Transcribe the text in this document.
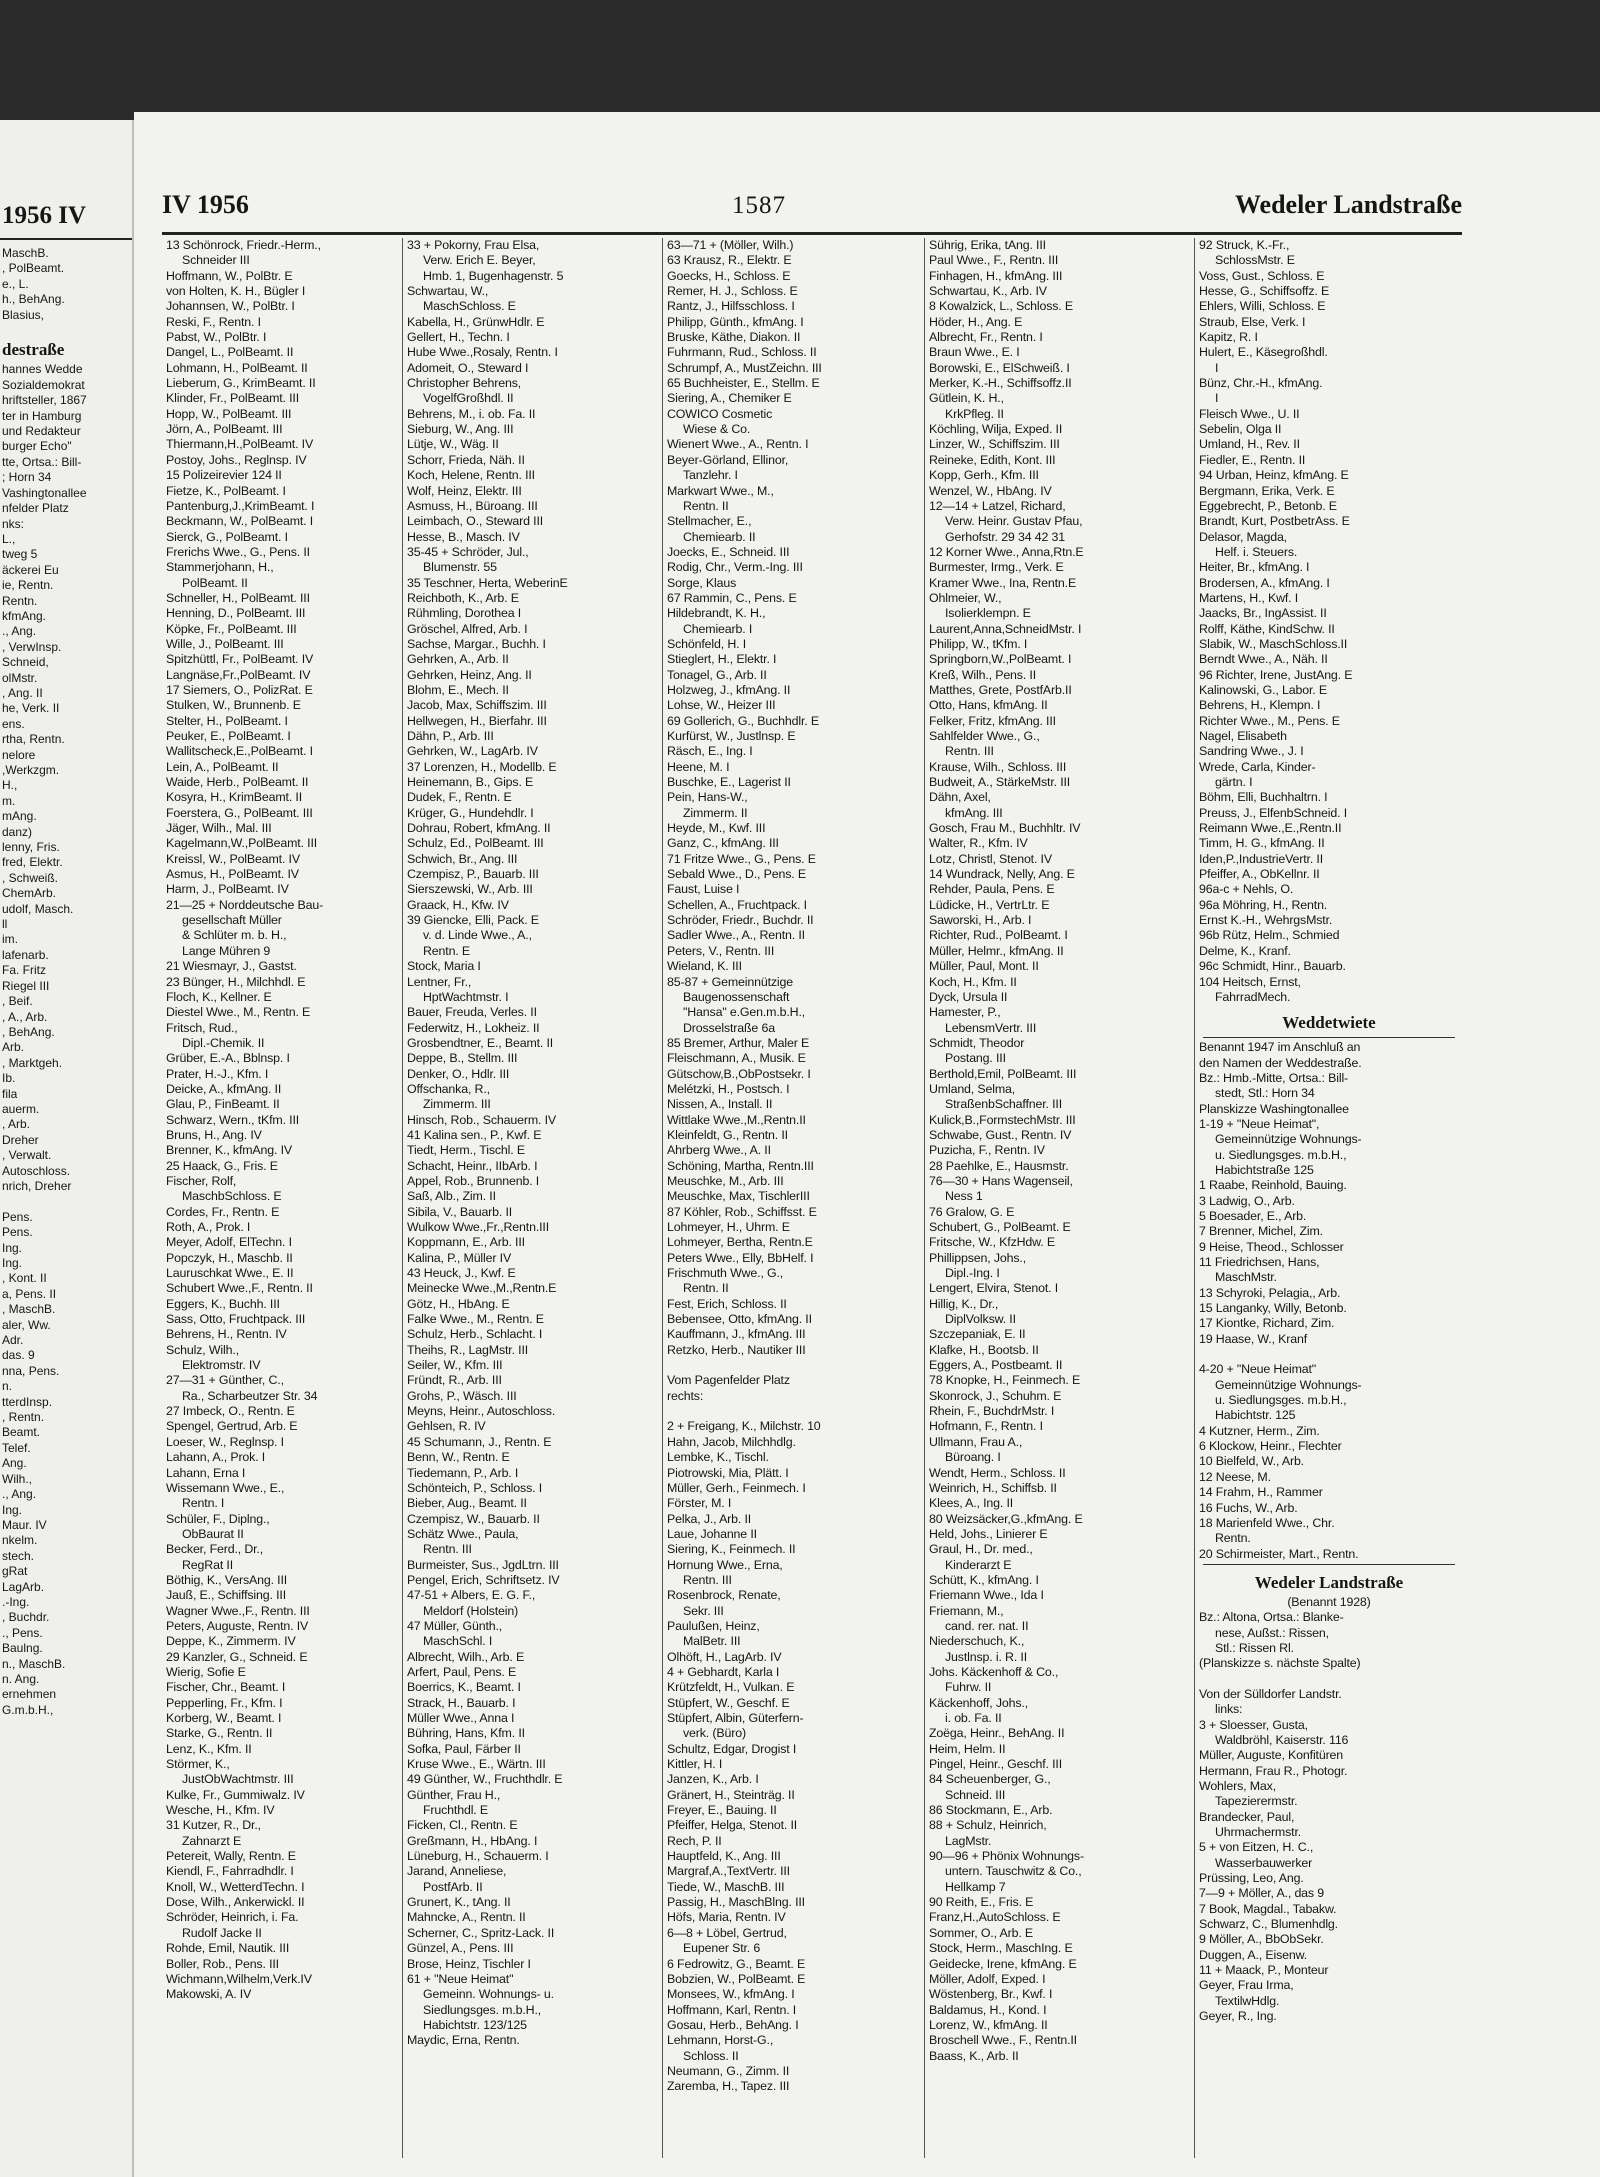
1956 IV
MaschB.
, PolBeamt.
e., L.
h., BehAng.
Blasius,

destraße
hannes Wedde
Sozialdemokrat
hriftsteller, 1867
ter in Hamburg
und Redakteur
burger Echo"
tte, Ortsa.: Bill-
; Horn 34
Vashingtonallee
nfelder Platz
nks:
L.,
tweg 5
äckerei Eu
ie, Rentn.
Rentn.
kfmAng.
., Ang.
, VerwInsp.
Schneid,
olMstr.
, Ang. II
he, Verk. II
ens.
rtha, Rentn.
nelore
,Werkzgm.
H.,
m.
mAng.
danz)
lenny, Fris.
fred, Elektr.
, Schweiß.
ChemArb.
udolf, Masch.
ll
im.
lafenarb.
Fa. Fritz
Riegel III
, Beif.
, A., Arb.
, BehAng.
Arb.
, Marktgeh.
Ib.
fila
auerm.
, Arb.
Dreher
, Verwalt.
Autoschloss.
nrich, Dreher

Pens.
Pens.
Ing.
Ing.
, Kont. II
a, Pens. II
, MaschB.
aler, Ww.
Adr.
das. 9
nna, Pens.
n.
tterdInsp.
, Rentn.
Beamt.
Telef.
Ang.
Wilh.,
., Ang.
Ing.
Maur. IV
nkelm.
stech.
gRat
LagArb.
.-Ing.
, Buchdr.
., Pens.
Baulng.
n., MaschB.
n. Ang.
ernehmen
G.m.b.H.,
IV 1956	1587	Wedeler Landstraße
13 Schönrock, Friedr.-Herm.,
Schneider III
Hoffmann, W., PolBtr. E
von Holten, K. H., Bügler I
Johannsen, W., PolBtr. I
Reski, F., Rentn. I
Pabst, W., PolBtr. I
Dangel, L., PolBeamt. II
Lohmann, H., PolBeamt. II
Lieberum, G., KrimBeamt. II
Klinder, Fr., PolBeamt. III
Hopp, W., PolBeamt. III
Jörn, A., PolBeamt. III
Thiermann,H.,PolBeamt. IV
Postoy, Johs., Reglnsp. IV
15 Polizeirevier 124 II
Fietze, K., PolBeamt. I
Pantenburg,J.,KrimBeamt. I
Beckmann, W., PolBeamt. I
Sierck, G., PolBeamt. I
Frerichs Wwe., G., Pens. II
Stammerjohann, H.,
PolBeamt. II
Schneller, H., PolBeamt. III
Henning, D., PolBeamt. III
Köpke, Fr., PolBeamt. III
Wille, J., PolBeamt. III
Spitzhüttl, Fr., PolBeamt. IV
Langnäse,Fr.,PolBeamt. IV
17 Siemers, O., PolizRat. E
Stulken, W., Brunnenb. E
Stelter, H., PolBeamt. I
Peuker, E., PolBeamt. I
Wallitscheck,E.,PolBeamt. I
Lein, A., PolBeamt. II
Waide, Herb., PolBeamt. II
Kosyra, H., KrimBeamt. II
Foerstera, G., PolBeamt. III
Jäger, Wilh., Mal. III
Kagelmann,W.,PolBeamt. III
Kreissl, W., PolBeamt. IV
Asmus, H., PolBeamt. IV
Harm, J., PolBeamt. IV
21—25 + Norddeutsche Bau-
gesellschaft Müller
& Schlüter m. b. H.,
Lange Mühren 9
21 Wiesmayr, J., Gastst.
23 Bünger, H., Milchhdl. E
Floch, K., Kellner. E
Diestel Wwe., M., Rentn. E
Fritsch, Rud.,
Dipl.-Chemik. II
Grüber, E.-A., Bblnsp. I
Prater, H.-J., Kfm. I
Deicke, A., kfmAng. II
Glau, P., FinBeamt. II
Schwarz, Wern., tKfm. III
Bruns, H., Ang. IV
Brenner, K., kfmAng. IV
25 Haack, G., Fris. E
Fischer, Rolf,
MaschbSchloss. E
Cordes, Fr., Rentn. E
Roth, A., Prok. I
Meyer, Adolf, ElTechn. I
Popczyk, H., Maschb. II
Lauruschkat Wwe., E. II
Schubert Wwe.,F., Rentn. II
Eggers, K., Buchh. III
Sass, Otto, Fruchtpack. III
Behrens, H., Rentn. IV
Schulz, Wilh.,
Elektromstr. IV
27—31 + Günther, C.,
Ra., Scharbeutzer Str. 34
27 Imbeck, O., Rentn. E
Spengel, Gertrud, Arb. E
Loeser, W., Reglnsp. I
Lahann, A., Prok. I
Lahann, Erna I
Wissemann Wwe., E.,
Rentn. I
Schüler, F., Diplng.,
ObBaurat II
Becker, Ferd., Dr.,
RegRat II
Böthig, K., VersAng. III
Jauß, E., Schiffsing. III
Wagner Wwe.,F., Rentn. III
Peters, Auguste, Rentn. IV
Deppe, K., Zimmerm. IV
29 Kanzler, G., Schneid. E
Wierig, Sofie E
Fischer, Chr., Beamt. I
Pepperling, Fr., Kfm. I
Korberg, W., Beamt. I
Starke, G., Rentn. II
Lenz, K., Kfm. II
Störmer, K.,
JustObWachtmstr. III
Kulke, Fr., Gummiwalz. IV
Wesche, H., Kfm. IV
31 Kutzer, R., Dr.,
Zahnarzt E
Petereit, Wally, Rentn. E
Kiendl, F., Fahrradhdlr. I
Knoll, W., WetterdTechn. I
Dose, Wilh., Ankerwickl. II
Schröder, Heinrich, i. Fa.
Rudolf Jacke II
Rohde, Emil, Nautik. III
Boller, Rob., Pens. III
Wichmann,Wilhelm,Verk.IV
Makowski, A. IV
33 + Pokorny, Frau Elsa,
Verw. Erich E. Beyer,
Hmb. 1, Bugenhagenstr. 5
Schwartau, W.,
MaschSchloss. E
Kabella, H., GrünwHdlr. E
Gellert, H., Techn. I
Hube Wwe.,Rosaly, Rentn. I
Adomeit, O., Steward I
Christopher Behrens,
VogelfGroßhdl. II
Behrens, M., i. ob. Fa. II
Sieburg, W., Ang. III
Lütje, W., Wäg. II
Schorr, Frieda, Näh. II
Koch, Helene, Rentn. III
Wolf, Heinz, Elektr. III
Asmuss, H., Büroang. III
Leimbach, O., Steward III
Hesse, B., Masch. IV
35-45 + Schröder, Jul.,
Blumenstr. 55
35 Teschner, Herta, WeberinE
Reichboth, K., Arb. E
Rühmling, Dorothea I
Gröschel, Alfred, Arb. I
Sachse, Margar., Buchh. I
Gehrken, A., Arb. II
Gehrken, Heinz, Ang. II
Blohm, E., Mech. II
Jacob, Max, Schiffszim. III
Hellwegen, H., Bierfahr. III
Dähn, P., Arb. III
Gehrken, W., LagArb. IV
37 Lorenzen, H., Modellb. E
Heinemann, B., Gips. E
Dudek, F., Rentn. E
Krüger, G., Hundehdlr. I
Dohrau, Robert, kfmAng. II
Schulz, Ed., PolBeamt. III
Schwich, Br., Ang. III
Czempisz, P., Bauarb. III
Sierszewski, W., Arb. III
Graack, H., Kfw. IV
39 Giencke, Elli, Pack. E
v. d. Linde Wwe., A.,
Rentn. E
Stock, Maria I
Lentner, Fr.,
HptWachtmstr. I
Bauer, Freuda, Verles. II
Federwitz, H., Lokheiz. II
Grosbendtner, E., Beamt. II
Deppe, B., Stellm. III
Denker, O., Hdlr. III
Offschanka, R.,
Zimmerm. III
Hinsch, Rob., Schauerm. IV
41 Kalina sen., P., Kwf. E
Tiedt, Herm., Tischl. E
Schacht, Heinr., IIbArb. I
Appel, Rob., Brunnenb. I
Saß, Alb., Zim. II
Sibila, V., Bauarb. II
Wulkow Wwe.,Fr.,Rentn.III
Koppmann, E., Arb. III
Kalina, P., Müller IV
43 Heuck, J., Kwf. E
Meinecke Wwe.,M.,Rentn.E
Götz, H., HbAng. E
Falke Wwe., M., Rentn. E
Schulz, Herb., Schlacht. I
Theihs, R., LagMstr. III
Seiler, W., Kfm. III
Fründt, R., Arb. III
Grohs, P., Wäsch. III
Meyns, Heinr., Autoschloss.
Gehlsen, R. IV
45 Schumann, J., Rentn. E
Benn, W., Rentn. E
Tiedemann, P., Arb. I
Schönteich, P., Schloss. I
Bieber, Aug., Beamt. II
Czempisz, W., Bauarb. II
Schätz Wwe., Paula,
Rentn. III
Burmeister, Sus., JgdLtrn. III
Pengel, Erich, Schriftsetz. IV
47-51 + Albers, E. G. F.,
Meldorf (Holstein)
47 Müller, Günth.,
MaschSchl. I
Albrecht, Wilh., Arb. E
Arfert, Paul, Pens. E
Boerrics, K., Beamt. I
Strack, H., Bauarb. I
Müller Wwe., Anna I
Bühring, Hans, Kfm. II
Sofka, Paul, Färber II
Kruse Wwe., E., Wärtn. III
49 Günther, W., Fruchthdlr. E
Günther, Frau H.,
Fruchthdl. E
Ficken, Cl., Rentn. E
Greßmann, H., HbAng. I
Lüneburg, H., Schauerm. I
Jarand, Anneliese,
PostfArb. II
Grunert, K., tAng. II
Mahncke, A., Rentn. II
Scherner, C., Spritz-Lack. II
Günzel, A., Pens. III
Brose, Heinz, Tischler I
61 + "Neue Heimat"
Gemeinn. Wohnungs- u.
Siedlungsges. m.b.H.,
Habichtstr. 123/125
Maydic, Erna, Rentn.
63—71 + (Möller, Wilh.)
63 Krausz, R., Elektr. E
Goecks, H., Schloss. E
Remer, H. J., Schloss. E
Rantz, J., Hilfsschloss. I
Philipp, Günth., kfmAng. I
Bruske, Käthe, Diakon. II
Fuhrmann, Rud., Schloss. II
Schrumpf, A., MustZeichn. III
65 Buchheister, E., Stellm. E
Siering, A., Chemiker E
COWICO Cosmetic
Wiese & Co.
Wienert Wwe., A., Rentn. I
Beyer-Görland, Ellinor,
Tanzlehr. I
Markwart Wwe., M.,
Rentn. II
Stellmacher, E.,
Chemiearb. II
Joecks, E., Schneid. III
Rodig, Chr., Verm.-Ing. III
Sorge, Klaus
67 Rammin, C., Pens. E
Hildebrandt, K. H.,
Chemiearb. I
Schönfeld, H. I
Stieglert, H., Elektr. I
Tonagel, G., Arb. II
Holzweg, J., kfmAng. II
Lohse, W., Heizer III
69 Gollerich, G., Buchhdlr. E
Kurfürst, W., Justlnsp. E
Räsch, E., Ing. I
Heene, M. I
Buschke, E., Lagerist II
Pein, Hans-W.,
Zimmerm. II
Heyde, M., Kwf. III
Ganz, C., kfmAng. III
71 Fritze Wwe., G., Pens. E
Sebald Wwe., D., Pens. E
Faust, Luise I
Schellen, A., Fruchtpack. I
Schröder, Friedr., Buchdr. II
Sadler Wwe., A., Rentn. II
Peters, V., Rentn. III
Wieland, K. III
85-87 + Gemeinnützige
Baugenossenschaft
"Hansa" e.Gen.m.b.H.,
Drosselstraße 6a
85 Bremer, Arthur, Maler E
Fleischmann, A., Musik. E
Gütschow,B.,ObPostsekr. I
Melétzki, H., Postsch. I
Nissen, A., Install. II
Wittlake Wwe.,M.,Rentn.II
Kleinfeldt, G., Rentn. II
Ahrberg Wwe., A. II
Schöning, Martha, Rentn.III
Meuschke, M., Arb. III
Meuschke, Max, TischlerIII
87 Köhler, Rob., Schiffsst. E
Lohmeyer, H., Uhrm. E
Lohmeyer, Bertha, Rentn.E
Peters Wwe., Elly, BbHelf. I
Frischmuth Wwe., G.,
Rentn. II
Fest, Erich, Schloss. II
Bebensee, Otto, kfmAng. II
Kauffmann, J., kfmAng. III
Retzko, Herb., Nautiker III

Vom Pagenfelder Platz
rechts:

2 + Freigang, K., Milchstr. 10
Hahn, Jacob, Milchhdlg.
Lembke, K., Tischl.
Piotrowski, Mia, Plätt. I
Müller, Gerh., Feinmech. I
Förster, M. I
Pelka, J., Arb. II
Laue, Johanne II
Siering, K., Feinmech. II
Hornung Wwe., Erna,
Rentn. III
Rosenbrock, Renate,
Sekr. III
Paulußen, Heinz,
MalBetr. III
Olhöft, H., LagArb. IV
4 + Gebhardt, Karla I
Krützfeldt, H., Vulkan. E
Stüpfert, W., Geschf. E
Stüpfert, Albin, Güterfern-
verk. (Büro)
Schultz, Edgar, Drogist I
Kittler, H. I
Janzen, K., Arb. I
Gränert, H., Steinträg. II
Freyer, E., Bauing. II
Pfeiffer, Helga, Stenot. II
Rech, P. II
Hauptfeld, K., Ang. III
Margraf,A.,TextVertr. III
Tiede, W., MaschB. III
Passig, H., MaschBlng. III
Höfs, Maria, Rentn. IV
6—8 + Löbel, Gertrud,
Eupener Str. 6
6 Fedrowitz, G., Beamt. E
Bobzien, W., PolBeamt. E
Monsees, W., kfmAng. I
Hoffmann, Karl, Rentn. I
Gosau, Herb., BehAng. I
Lehmann, Horst-G.,
Schloss. II
Neumann, G., Zimm. II
Zaremba, H., Tapez. III
Sührig, Erika, tAng. III
Paul Wwe., F., Rentn. III
Finhagen, H., kfmAng. III
Schwartau, K., Arb. IV
8 Kowalzick, L., Schloss. E
Höder, H., Ang. E
Albrecht, Fr., Rentn. I
Braun Wwe., E. I
Borowski, E., ElSchweiß. I
Merker, K.-H., Schiffsoffz.II
Gütlein, K. H.,
KrkPfleg. II
Köchling, Wilja, Exped. II
Linzer, W., Schiffszim. III
Reineke, Edith, Kont. III
Kopp, Gerh., Kfm. III
Wenzel, W., HbAng. IV
12—14 + Latzel, Richard,
Verw. Heinr. Gustav Pfau,
Gerhofstr. 29 34 42 31
12 Korner Wwe., Anna,Rtn.E
Burmester, Irmg., Verk. E
Kramer Wwe., Ina, Rentn.E
Ohlmeier, W.,
Isolierklempn. E
Laurent,Anna,SchneidMstr. I
Philipp, W., tKfm. I
Springborn,W.,PolBeamt. I
Kreß, Wilh., Pens. II
Matthes, Grete, PostfArb.II
Otto, Hans, kfmAng. II
Felker, Fritz, kfmAng. III
Sahlfelder Wwe., G.,
Rentn. III
Krause, Wilh., Schloss. III
Budweit, A., StärkeMstr. III
Dähn, Axel,
kfmAng. III
Gosch, Frau M., Buchhltr. IV
Walter, R., Kfm. IV
Lotz, Christl, Stenot. IV
14 Wundrack, Nelly, Ang. E
Rehder, Paula, Pens. E
Lüdicke, H., VertrLtr. E
Saworski, H., Arb. I
Richter, Rud., PolBeamt. I
Müller, Helmr., kfmAng. II
Müller, Paul, Mont. II
Koch, H., Kfm. II
Dyck, Ursula II
Hamester, P.,
LebensmVertr. III
Schmidt, Theodor
Postang. III
Berthold,Emil, PolBeamt. III
Umland, Selma,
StraßenbSchaffner. III
Kulick,B.,FormstechMstr. III
Schwabe, Gust., Rentn. IV
Puzicha, F., Rentn. IV
28 Paehlke, E., Hausmstr.
76—30 + Hans Wagenseil,
Ness 1
76 Gralow, G. E
Schubert, G., PolBeamt. E
Fritsche, W., KfzHdw. E
Phillippsen, Johs.,
Dipl.-Ing. I
Lengert, Elvira, Stenot. I
Hillig, K., Dr.,
DiplVolksw. II
Szczepaniak, E. II
Klafke, H., Bootsb. II
Eggers, A., Postbeamt. II
78 Knopke, H., Feinmech. E
Skonrock, J., Schuhm. E
Rhein, F., BuchdrMstr. I
Hofmann, F., Rentn. I
Ullmann, Frau A.,
Büroang. I
Wendt, Herm., Schloss. II
Weinrich, H., Schiffsb. II
Klees, A., Ing. II
80 Weizsäcker,G.,kfmAng. E
Held, Johs., Linierer E
Graul, H., Dr. med.,
Kinderarzt E
Schütt, K., kfmAng. I
Friemann Wwe., Ida I
Friemann, M.,
cand. rer. nat. II
Niederschuch, K.,
Justlnsp. i. R. II
Johs. Käckenhoff & Co.,
Fuhrw. II
Käckenhoff, Johs.,
i. ob. Fa. II
Zoëga, Heinr., BehAng. II
Heim, Helm. II
Pingel, Heinr., Geschf. III
84 Scheuenberger, G.,
Schneid. III
86 Stockmann, E., Arb.
88 + Schulz, Heinrich,
LagMstr.
90—96 + Phönix Wohnungs-
untern. Tauschwitz & Co.,
Hellkamp 7
90 Reith, E., Fris. E
Franz,H.,AutoSchloss. E
Sommer, O., Arb. E
Stock, Herm., MaschIng. E
Geidecke, Irene, kfmAng. E
Möller, Adolf, Exped. I
Wöstenberg, Br., Kwf. I
Baldamus, H., Kond. I
Lorenz, W., kfmAng. II
Broschell Wwe., F., Rentn.II
Baass, K., Arb. II
92 Struck, K.-Fr.,
SchlossMstr. E
Voss, Gust., Schloss. E
Hesse, G., Schiffsoffz. E
Ehlers, Willi, Schloss. E
Straub, Else, Verk. I
Kapitz, R. I
Hulert, E., Käsegroßhdl.
I
Bünz, Chr.-H., kfmAng.
I
Fleisch Wwe., U. II
Sebelin, Olga II
Umland, H., Rev. II
Fiedler, E., Rentn. II
94 Urban, Heinz, kfmAng. E
Bergmann, Erika, Verk. E
Eggebrecht, P., Betonb. E
Brandt, Kurt, PostbetrAss. E
Delasor, Magda,
Helf. i. Steuers.
Heiter, Br., kfmAng. I
Brodersen, A., kfmAng. I
Martens, H., Kwf. I
Jaacks, Br., IngAssist. II
Rolff, Käthe, KindSchw. II
Slabik, W., MaschSchloss.II
Berndt Wwe., A., Näh. II
96 Richter, Irene, JustAng. E
Kalinowski, G., Labor. E
Behrens, H., Klempn. I
Richter Wwe., M., Pens. E
Nagel, Elisabeth
Sandring Wwe., J. I
Wrede, Carla, Kinder-
gärtn. I
Böhm, Elli, Buchhaltrn. I
Preuss, J., ElfenbSchneid. I
Reimann Wwe.,E.,Rentn.II
Timm, H. G., kfmAng. II
Iden,P.,IndustrieVertr. II
Pfeiffer, A., ObKellnr. II
96a-c + Nehls, O.
96a Möhring, H., Rentn.
Ernst K.-H., WehrgsMstr.
96b Rütz, Helm., Schmied
Delme, K., Kranf.
96c Schmidt, Hinr., Bauarb.
104 Heitsch, Ernst,
FahrradMech.
Weddetwiete
Benannt 1947 im Anschluß an
den Namen der Weddestraße.
Bz.: Hmb.-Mitte, Ortsa.: Bill-
stedt, Stl.: Horn 34
Planskizze Washingtonallee
1-19 + "Neue Heimat",
Gemeinnützige Wohnungs-
u. Siedlungsges. m.b.H.,
Habichtstraße 125
1 Raabe, Reinhold, Bauing.
3 Ladwig, O., Arb.
5 Boesader, E., Arb.
7 Brenner, Michel, Zim.
9 Heise, Theod., Schlosser
11 Friedrichsen, Hans,
MaschMstr.
13 Schyroki, Pelagia,, Arb.
15 Langanky, Willy, Betonb.
17 Kiontke, Richard, Zim.
19 Haase, W., Kranf

4-20 + "Neue Heimat"
Gemeinnützige Wohnungs-
u. Siedlungsges. m.b.H.,
Habichtstr. 125
4 Kutzner, Herm., Zim.
6 Klockow, Heinr., Flechter
10 Bielfeld, W., Arb.
12 Neese, M.
14 Frahm, H., Rammer
16 Fuchs, W., Arb.
18 Marienfeld Wwe., Chr.
Rentn.
20 Schirmeister, Mart., Rentn.
Wedeler Landstraße
(Benannt 1928)
Bz.: Altona, Ortsa.: Blanke-
nese, Außst.: Rissen,
Stl.: Rissen Rl.
(Planskizze s. nächste Spalte)

Von der Sülldorfer Landstr.
links:
3 + Sloesser, Gusta,
Waldbröhl, Kaiserstr. 116
Müller, Auguste, Konfitüren
Hermann, Frau R., Photogr.
Wohlers, Max,
Tapezierermstr.
Brandecker, Paul,
Uhrmachermstr.
5 + von Eitzen, H. C.,
Wasserbauwerker
Prüssing, Leo, Ang.
7—9 + Möller, A., das 9
7 Book, Magdal., Tabakw.
Schwarz, C., Blumenhdlg.
9 Möller, A., BbObSekr.
Duggen, A., Eisenw.
11 + Maack, P., Monteur
Geyer, Frau Irma,
TextilwHdlg.
Geyer, R., Ing.
